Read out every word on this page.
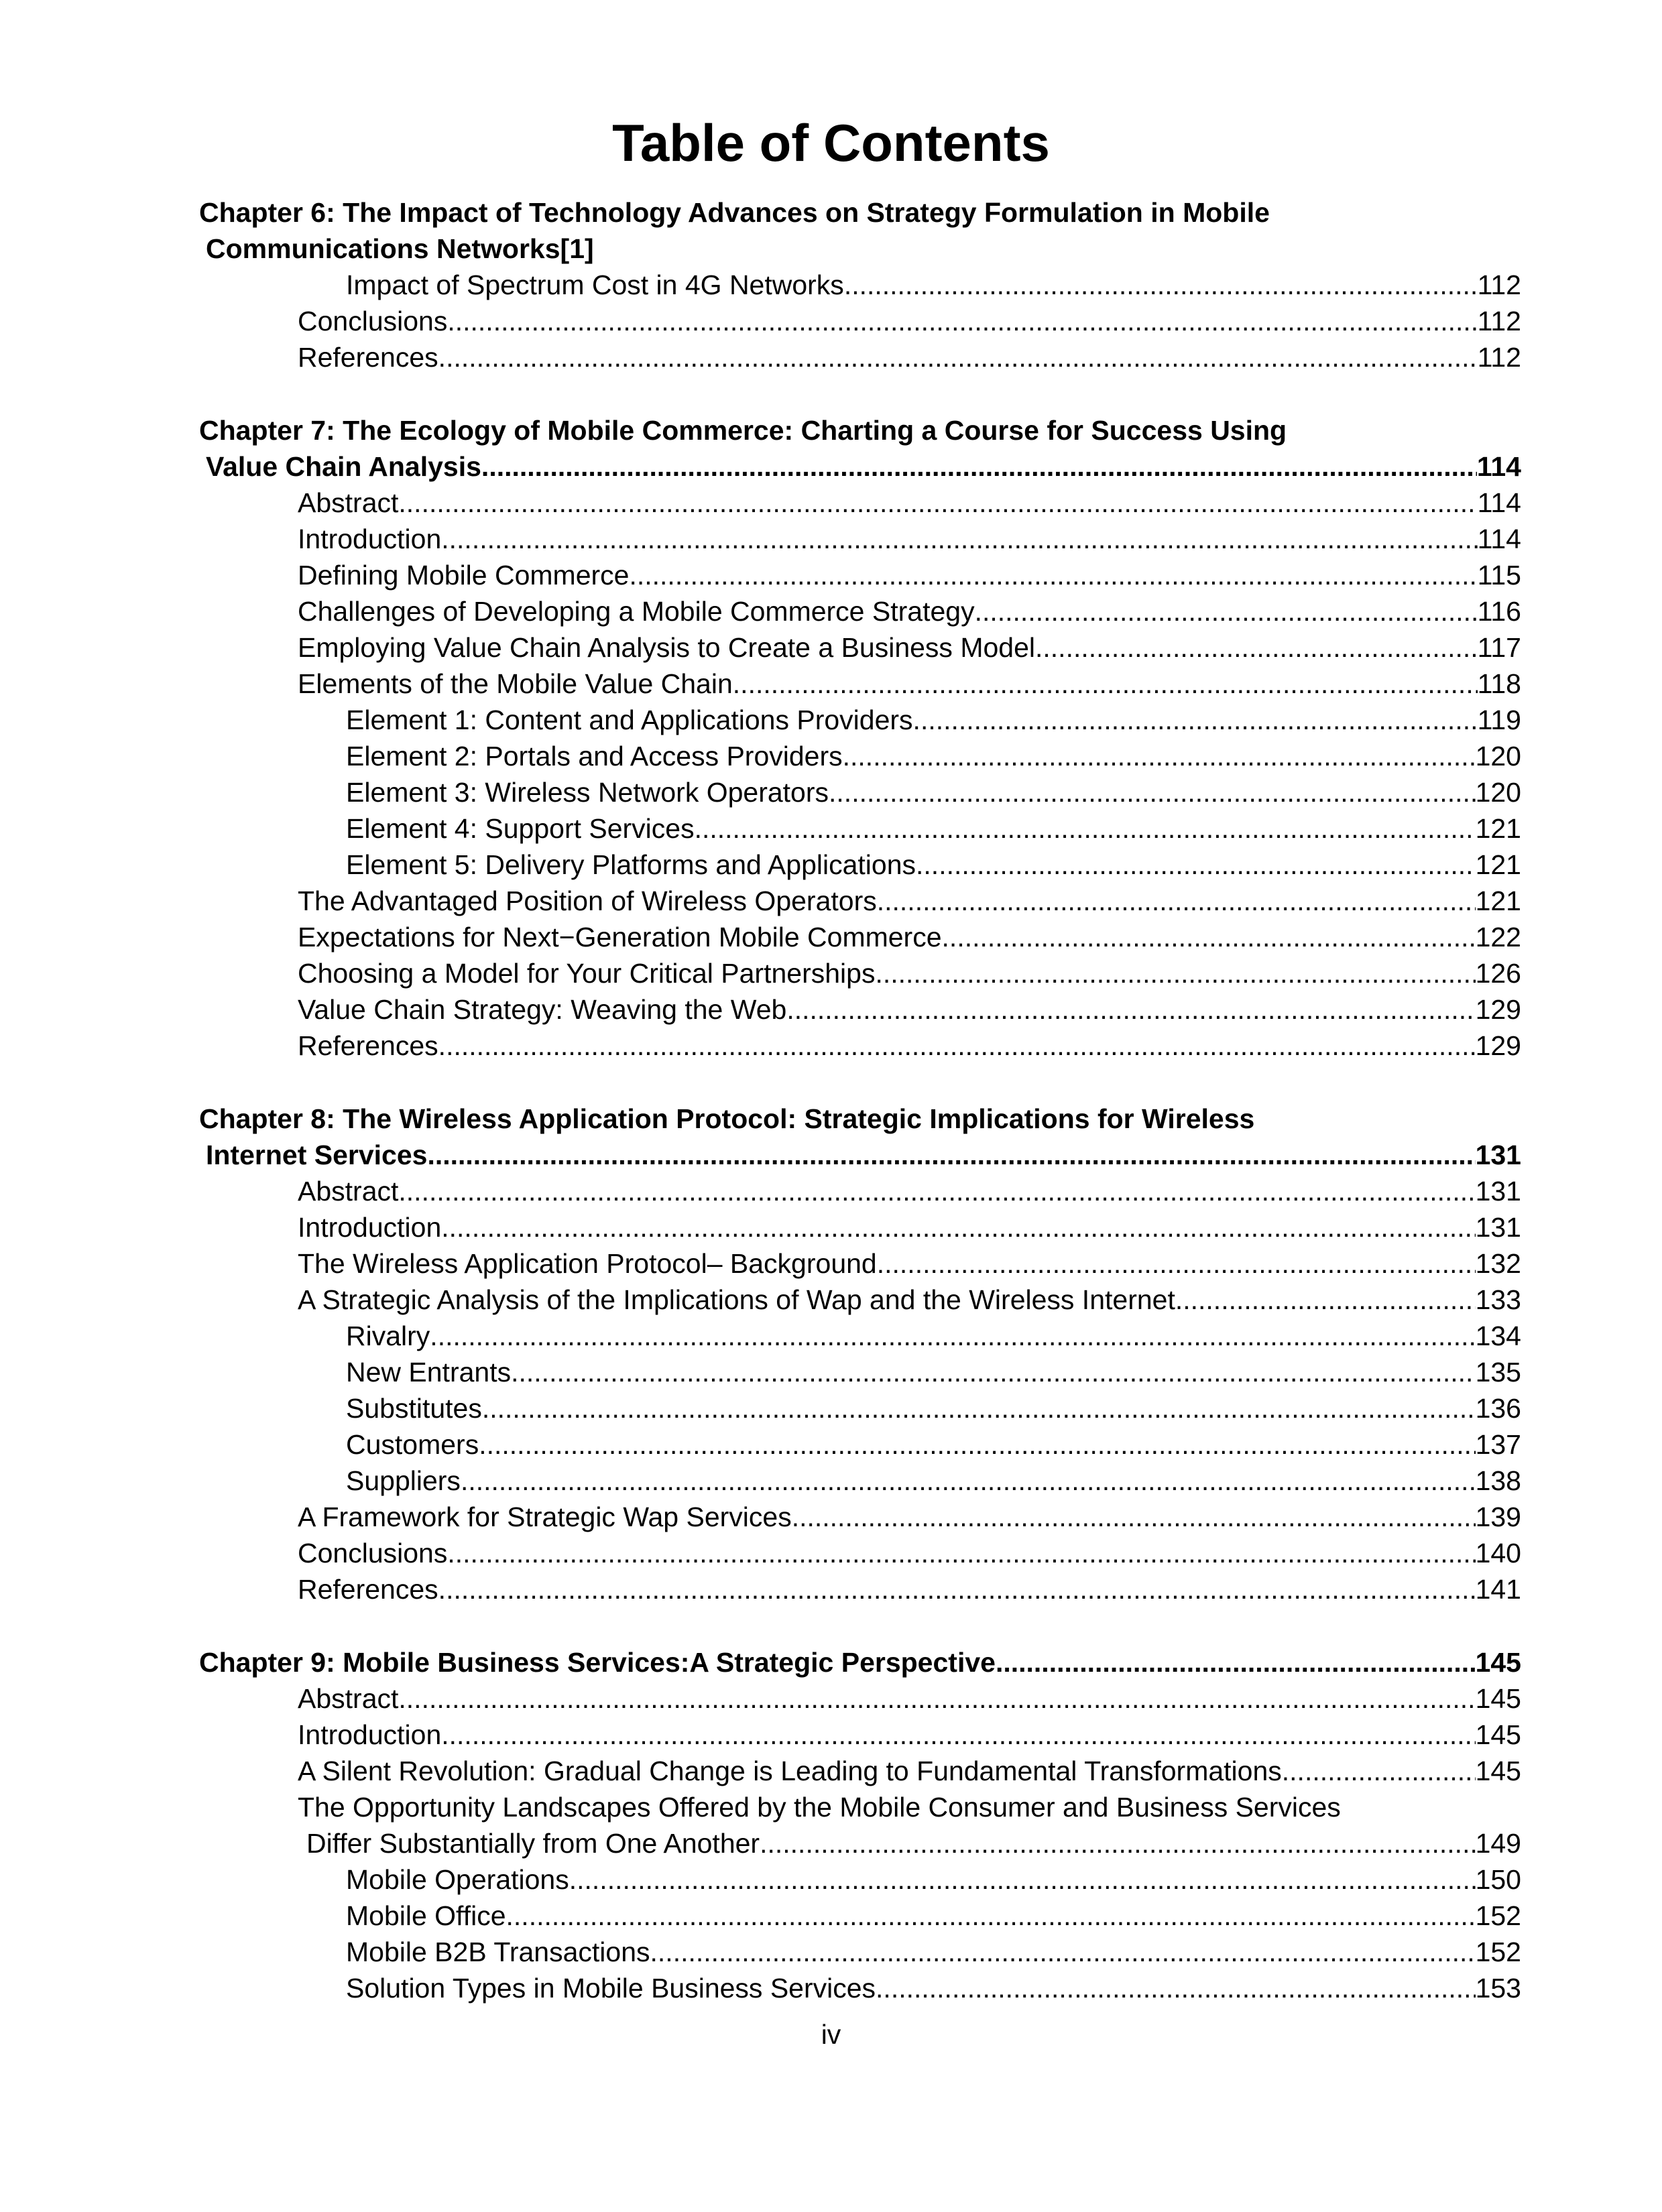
Table of Contents
Chapter 6: The Impact of Technology Advances on Strategy Formulation in Mobile
Communications Networks[1]
Impact of Spectrum Cost in 4G Networks .....	112
Conclusions .....	112
References .....	112
Chapter 7: The Ecology of Mobile Commerce: Charting a Course for Success Using
Value Chain Analysis .....	114
Abstract .....	114
Introduction .....	114
Defining Mobile Commerce .....	115
Challenges of Developing a Mobile Commerce Strategy .....	116
Employing Value Chain Analysis to Create a Business Model .....	117
Elements of the Mobile Value Chain .....	118
Element 1: Content and Applications Providers .....	119
Element 2: Portals and Access Providers .....	120
Element 3: Wireless Network Operators .....	120
Element 4: Support Services .....	121
Element 5: Delivery Platforms and Applications .....	121
The Advantaged Position of Wireless Operators .....	121
Expectations for Next−Generation Mobile Commerce .....	122
Choosing a Model for Your Critical Partnerships .....	126
Value Chain Strategy: Weaving the Web .....	129
References .....	129
Chapter 8: The Wireless Application Protocol: Strategic Implications for Wireless
Internet Services .....	131
Abstract .....	131
Introduction .....	131
The Wireless Application Protocol– Background .....	132
A Strategic Analysis of the Implications of Wap and the Wireless Internet .....	133
Rivalry .....	134
New Entrants .....	135
Substitutes .....	136
Customers .....	137
Suppliers .....	138
A Framework for Strategic Wap Services .....	139
Conclusions .....	140
References .....	141
Chapter 9: Mobile Business Services:A Strategic Perspective .....	145
Abstract .....	145
Introduction .....	145
A Silent Revolution: Gradual Change is Leading to Fundamental Transformations .....	145
The Opportunity Landscapes Offered by the Mobile Consumer and Business Services
Differ Substantially from One Another .....	149
Mobile Operations .....	150
Mobile Office .....	152
Mobile B2B Transactions .....	152
Solution Types in Mobile Business Services .....	153
iv
